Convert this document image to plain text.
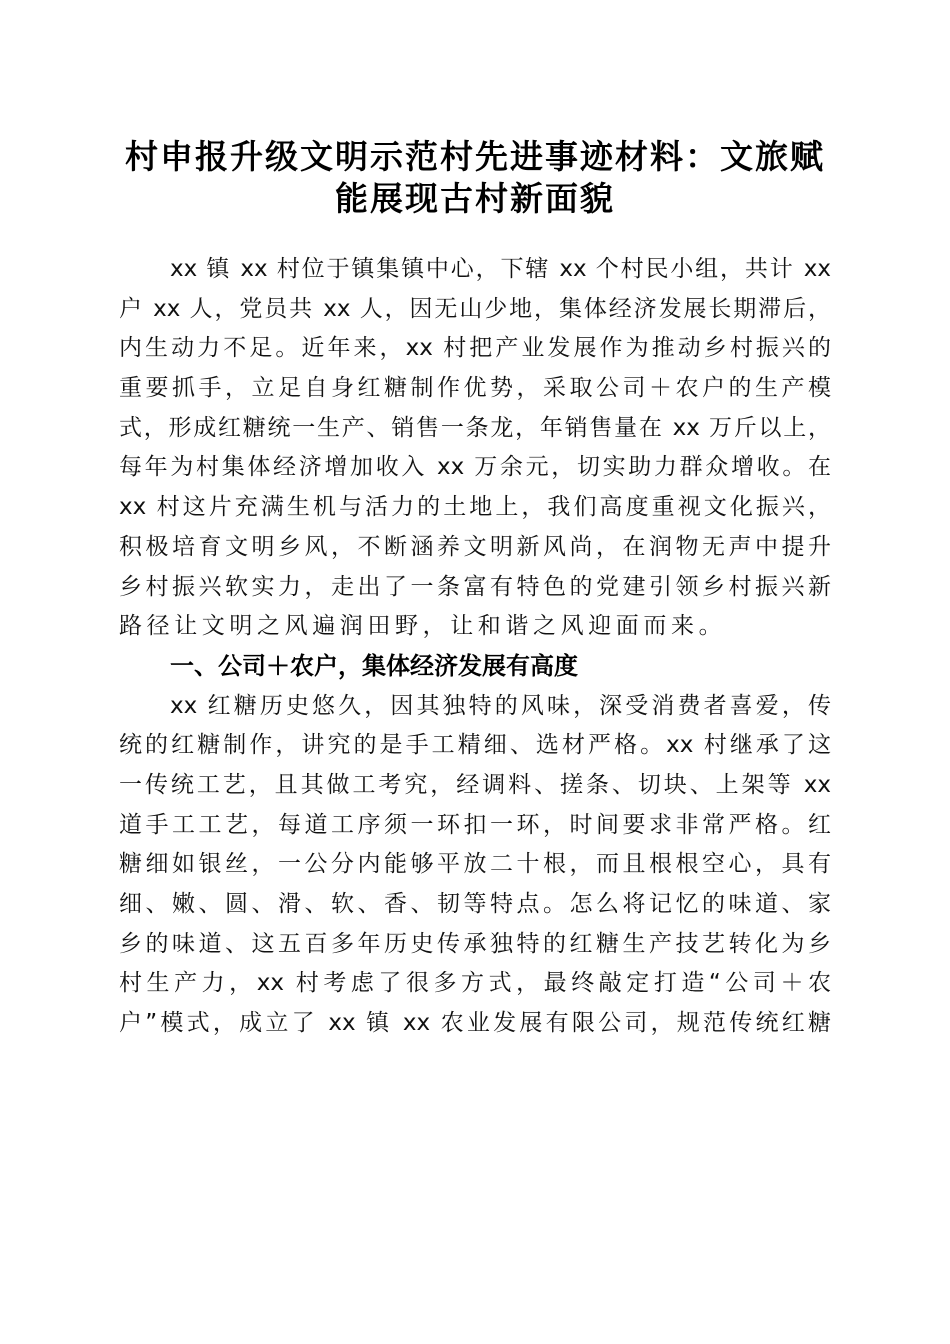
村申报升级文明示范村先进事迹材料：文旅赋
能展现古村新面貌
xx 镇 xx 村位于镇集镇中心，下辖 xx 个村民小组，共计 xx
户 xx 人，党员共 xx 人，因无山少地，集体经济发展长期滞后，
内生动力不足。近年来，xx 村把产业发展作为推动乡村振兴的
重要抓手，立足自身红糖制作优势，采取公司＋农户的生产模
式，形成红糖统一生产、销售一条龙，年销售量在 xx 万斤以上，
每年为村集体经济增加收入 xx 万余元，切实助力群众增收。在
xx 村这片充满生机与活力的土地上，我们高度重视文化振兴，
积极培育文明乡风，不断涵养文明新风尚，在润物无声中提升
乡村振兴软实力，走出了一条富有特色的党建引领乡村振兴新
路径让文明之风遍润田野，让和谐之风迎面而来。
一、公司＋农户，集体经济发展有高度
xx 红糖历史悠久，因其独特的风味，深受消费者喜爱，传
统的红糖制作，讲究的是手工精细、选材严格。xx 村继承了这
一传统工艺，且其做工考究，经调料、搓条、切块、上架等 xx
道手工工艺，每道工序须一环扣一环，时间要求非常严格。红
糖细如银丝，一公分内能够平放二十根，而且根根空心，具有
细、嫩、圆、滑、软、香、韧等特点。怎么将记忆的味道、家
乡的味道、这五百多年历史传承独特的红糖生产技艺转化为乡
村生产力，xx 村考虑了很多方式，最终敲定打造“公司＋农
户”模式，成立了 xx 镇 xx 农业发展有限公司，规范传统红糖
